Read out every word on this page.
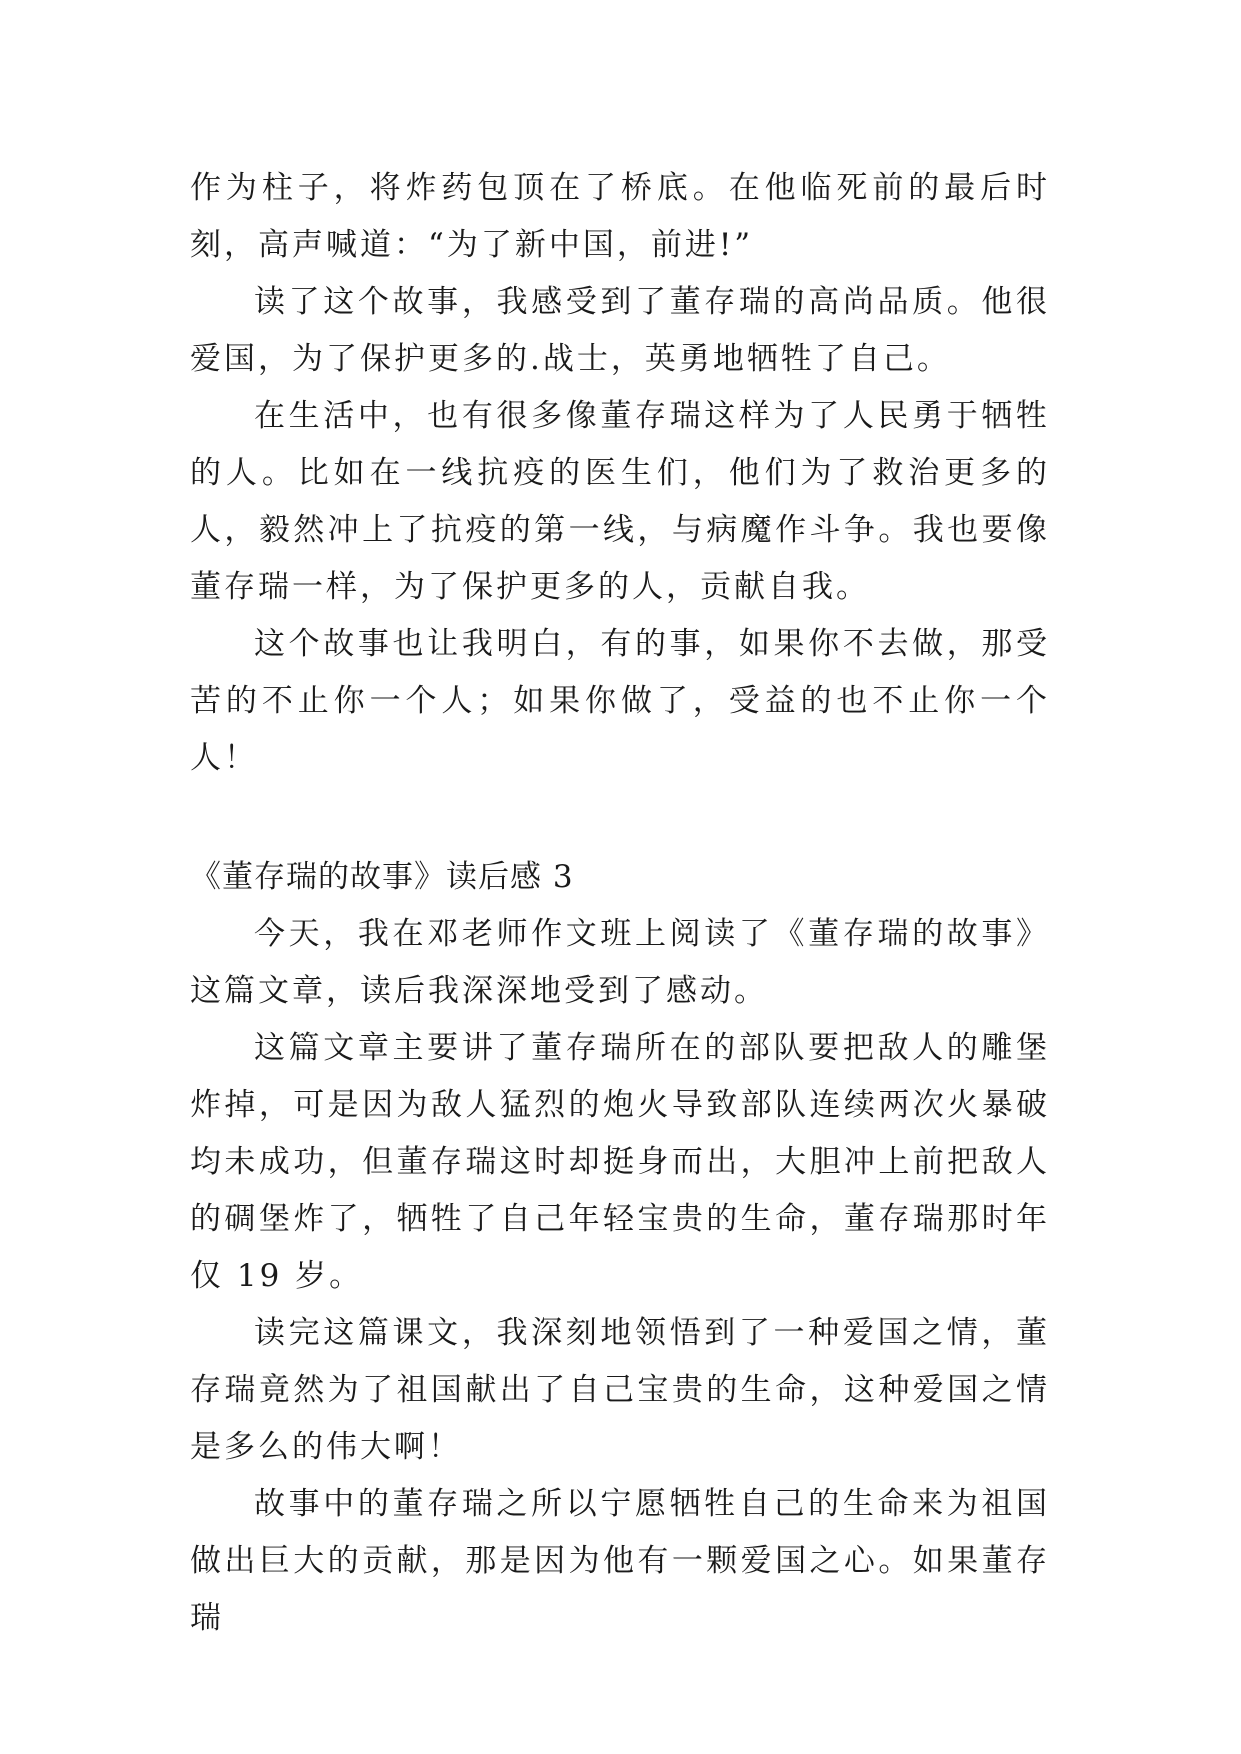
作为柱子，将炸药包顶在了桥底。在他临死前的最后时刻，高声喊道：“为了新中国，前进!”

读了这个故事，我感受到了董存瑞的高尚品质。他很爱国，为了保护更多的.战士，英勇地牺牲了自己。

在生活中，也有很多像董存瑞这样为了人民勇于牺牲的人。比如在一线抗疫的医生们，他们为了救治更多的人，毅然冲上了抗疫的第一线，与病魔作斗争。我也要像董存瑞一样，为了保护更多的人，贡献自我。

这个故事也让我明白，有的事，如果你不去做，那受苦的不止你一个人；如果你做了，受益的也不止你一个人！

《董存瑞的故事》读后感 3

今天，我在邓老师作文班上阅读了《董存瑞的故事》这篇文章，读后我深深地受到了感动。

这篇文章主要讲了董存瑞所在的部队要把敌人的雕堡炸掉，可是因为敌人猛烈的炮火导致部队连续两次火暴破均未成功，但董存瑞这时却挺身而出，大胆冲上前把敌人的碉堡炸了，牺牲了自己年轻宝贵的生命，董存瑞那时年仅 19 岁。

读完这篇课文，我深刻地领悟到了一种爱国之情，董存瑞竟然为了祖国献出了自己宝贵的生命，这种爱国之情是多么的伟大啊！

故事中的董存瑞之所以宁愿牺牲自己的生命来为祖国做出巨大的贡献，那是因为他有一颗爱国之心。如果董存瑞
